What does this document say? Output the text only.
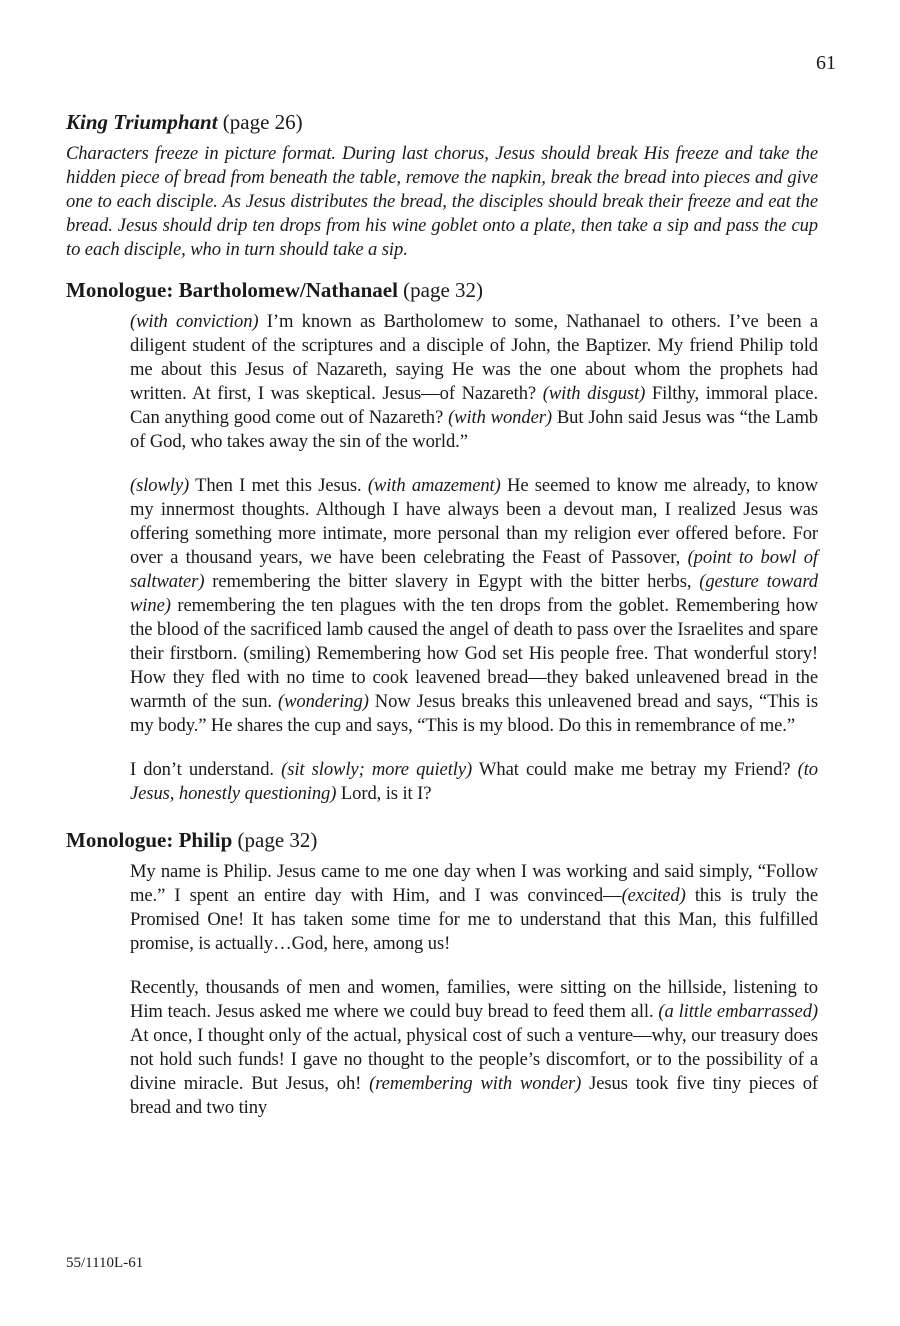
61
King Triumphant (page 26)

Characters freeze in picture format. During last chorus, Jesus should break His freeze and take the hidden piece of bread from beneath the table, remove the napkin, break the bread into pieces and give one to each disciple. As Jesus distributes the bread, the disciples should break their freeze and eat the bread. Jesus should drip ten drops from his wine goblet onto a plate, then take a sip and pass the cup to each disciple, who in turn should take a sip.

Monologue: Bartholomew/Nathanael (page 32)

(with conviction) I’m known as Bartholomew to some, Nathanael to others. I’ve been a diligent student of the scriptures and a disciple of John, the Baptizer. My friend Philip told me about this Jesus of Nazareth, saying He was the one about whom the prophets had written. At first, I was skeptical. Jesus—of Nazareth? (with disgust) Filthy, immoral place. Can anything good come out of Nazareth? (with wonder) But John said Jesus was “the Lamb of God, who takes away the sin of the world.”

(slowly) Then I met this Jesus. (with amazement) He seemed to know me already, to know my innermost thoughts. Although I have always been a devout man, I realized Jesus was offering something more intimate, more personal than my religion ever offered before. For over a thousand years, we have been celebrating the Feast of Passover, (point to bowl of saltwater) remembering the bitter slavery in Egypt with the bitter herbs, (gesture toward wine) remembering the ten plagues with the ten drops from the goblet. Remembering how the blood of the sacrificed lamb caused the angel of death to pass over the Israelites and spare their firstborn. (smiling) Remembering how God set His people free. That wonderful story! How they fled with no time to cook leavened bread—they baked unleavened bread in the warmth of the sun. (wondering) Now Jesus breaks this unleavened bread and says, “This is my body.” He shares the cup and says, “This is my blood. Do this in remembrance of me.”

I don’t understand. (sit slowly; more quietly) What could make me betray my Friend? (to Jesus, honestly questioning) Lord, is it I?

Monologue: Philip (page 32)

My name is Philip. Jesus came to me one day when I was working and said simply, “Follow me.” I spent an entire day with Him, and I was convinced—(excited) this is truly the Promised One! It has taken some time for me to understand that this Man, this fulfilled promise, is actually…God, here, among us!

Recently, thousands of men and women, families, were sitting on the hillside, listening to Him teach. Jesus asked me where we could buy bread to feed them all. (a little embarrassed) At once, I thought only of the actual, physical cost of such a venture—why, our treasury does not hold such funds! I gave no thought to the people’s discomfort, or to the possibility of a divine miracle. But Jesus, oh! (remembering with wonder) Jesus took five tiny pieces of bread and two tiny

55/1110L-61
